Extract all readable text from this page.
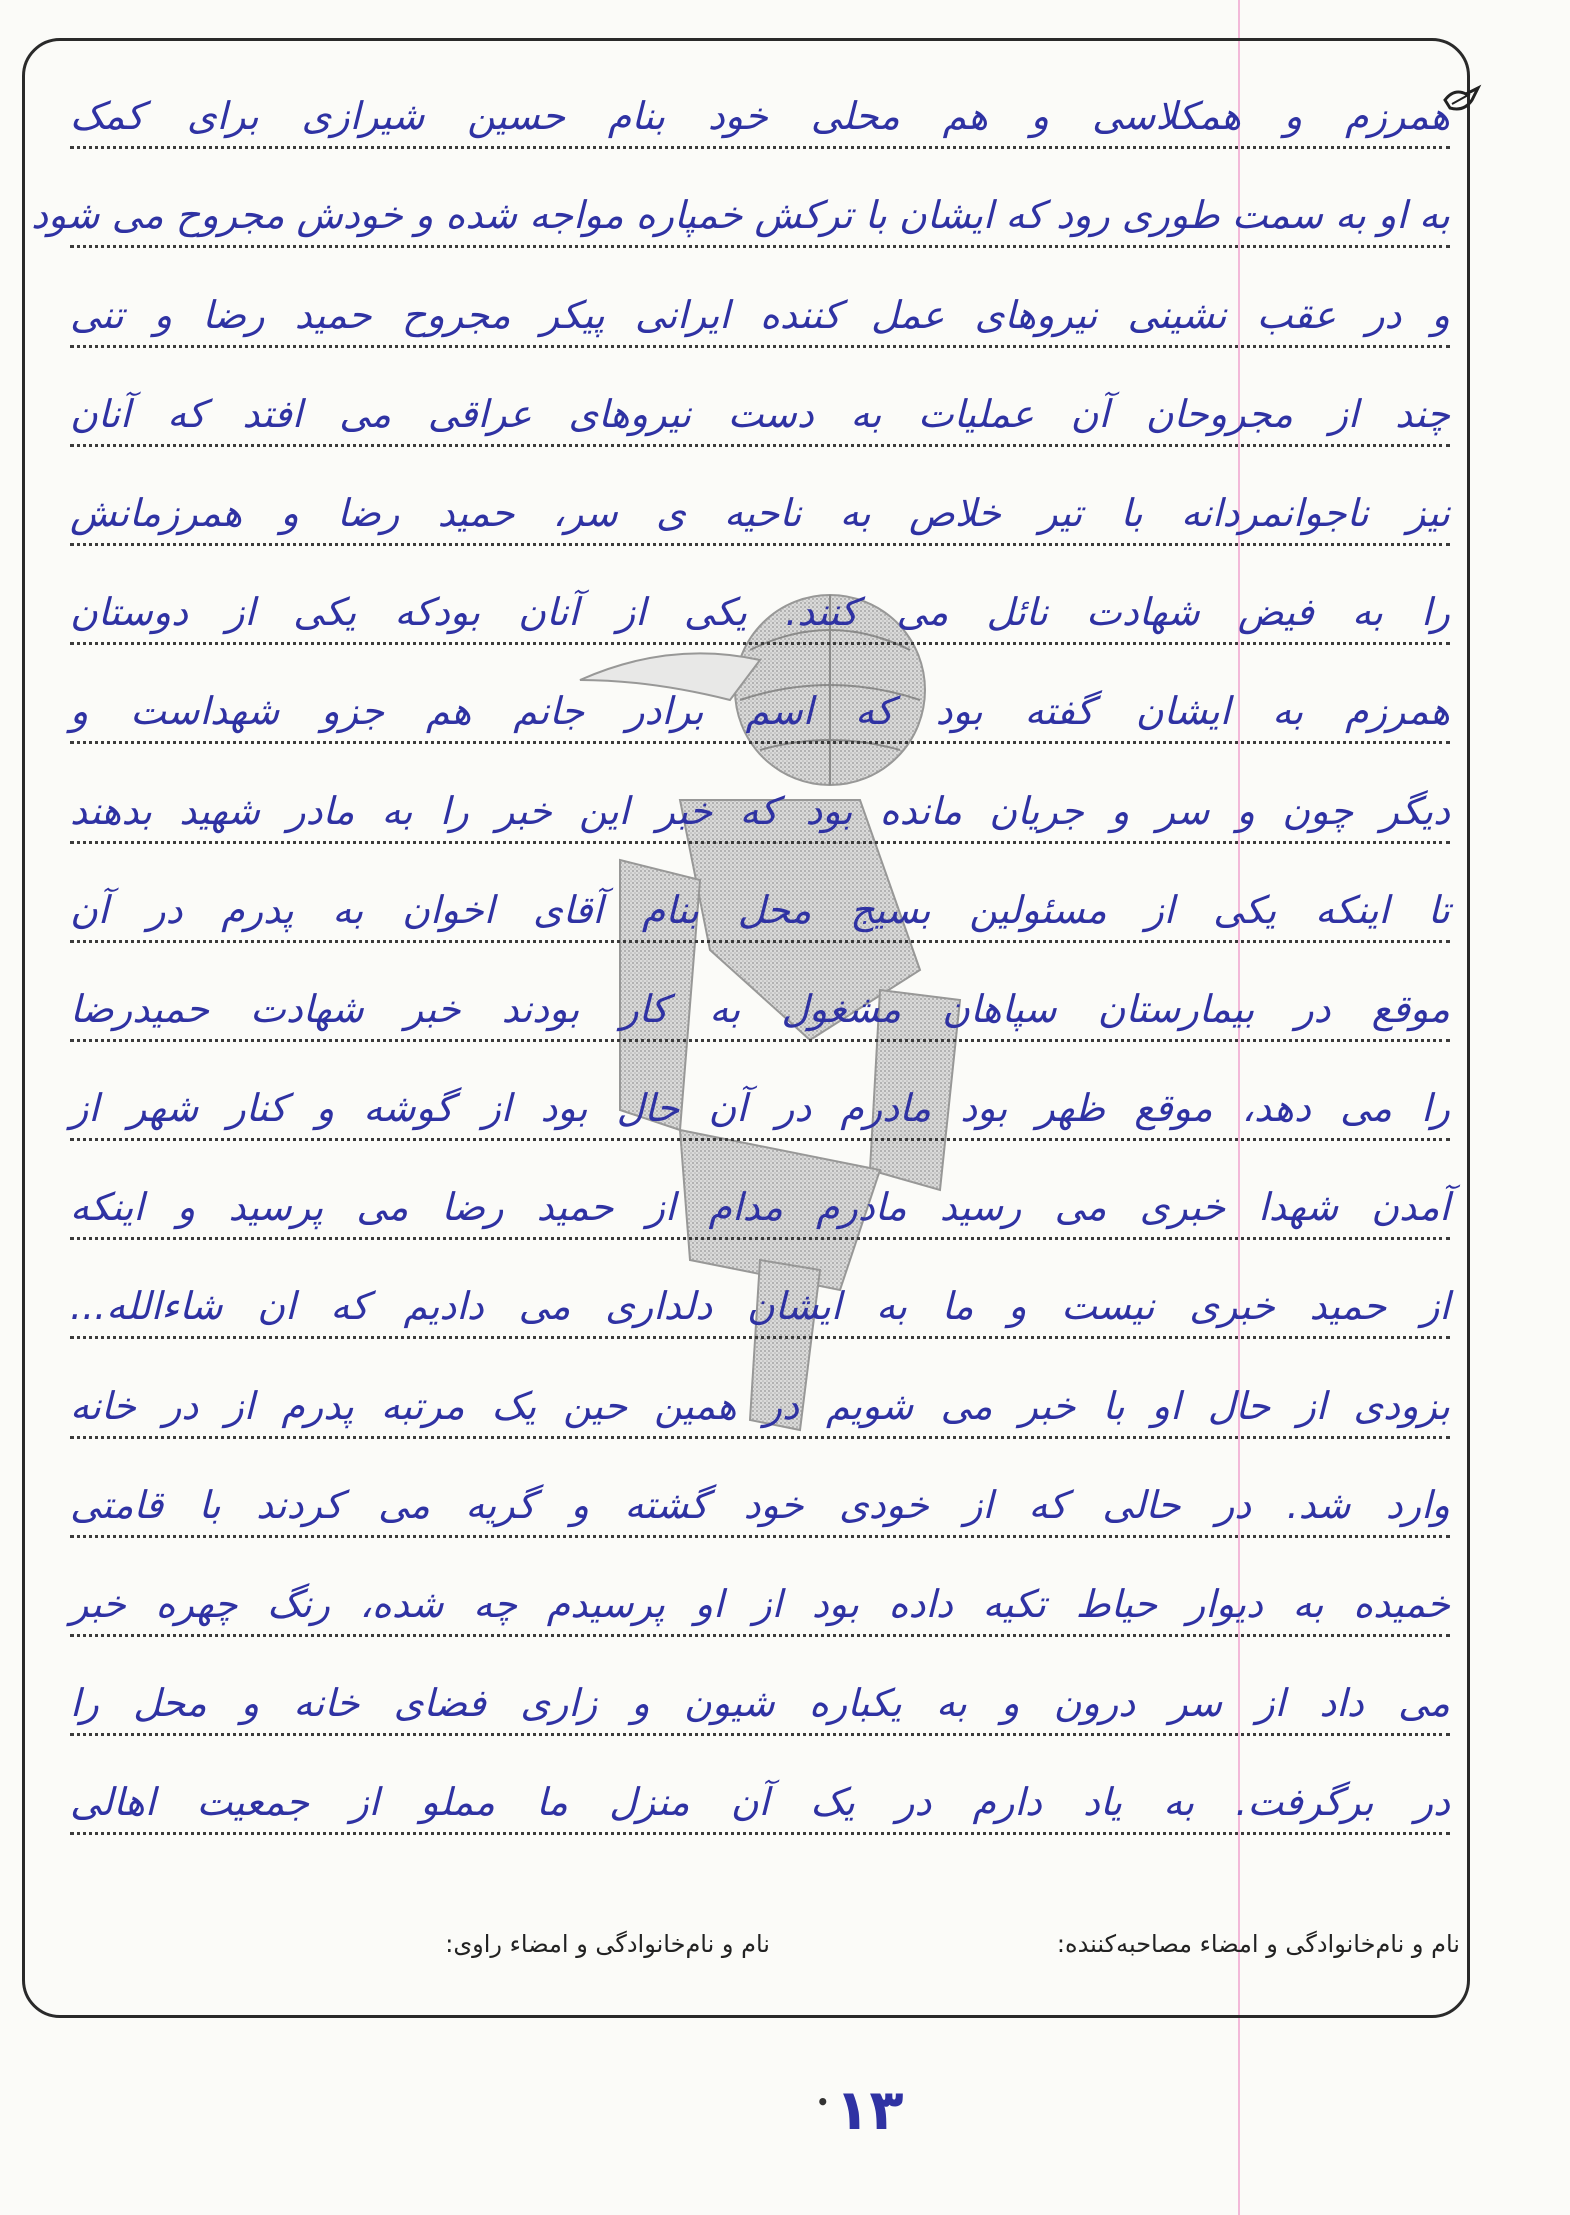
همرزم و همکلاسی و هم محلی خود بنام حسین شیرازی برای کمک
به او به سمت طوری رود که ایشان با ترکش خمپاره مواجه شده و خودش مجروح می شود
و در عقب نشینی نیروهای عمل کننده ایرانی پیکر مجروح حمید رضا و تنی
چند از مجروحان آن عملیات به دست نیروهای عراقی می افتد که آنان
نیز ناجوانمردانه با تیر خلاص به ناحیه ی سر، حمید رضا و همرزمانش
را به فیض شهادت نائل می کنند. یکی از آنان بودکه یکی از دوستان
همرزم به ایشان گفته بود که اسم برادر جانم هم جزو شهداست و
دیگر چون و سر و جریان مانده بود که خبر این خبر را به مادر شهید بدهند
تا اینکه یکی از مسئولین بسیج محل بنام آقای اخوان به پدرم در آن
موقع در بیمارستان سپاهان مشغول به کار بودند خبر شهادت حمیدرضا
را می دهد، موقع ظهر بود مادرم در آن حال بود از گوشه و کنار شهر از
آمدن شهدا خبری می رسید مادرم مدام از حمید رضا می پرسید و اینکه
از حمید خبری نیست و ما به ایشان دلداری می دادیم که ان شاءالله...
بزودی از حال او با خبر می شویم در همین حین یک مرتبه پدرم از در خانه
وارد شد. در حالی که از خودی خود گشته و گریه می کردند با قامتی
خمیده به دیوار حیاط تکیه داده بود از او پرسیدم چه شده، رنگ چهره خبر
می داد از سر درون و به یکباره شیون و زاری فضای خانه و محل را
در برگرفت. به یاد دارم در یک آن منزل ما مملو از جمعیت اهالی
نام و نام‌خانوادگی و امضاء مصاحبه‌کننده:
نام و نام‌خانوادگی و امضاء راوی:
• ۱۳
